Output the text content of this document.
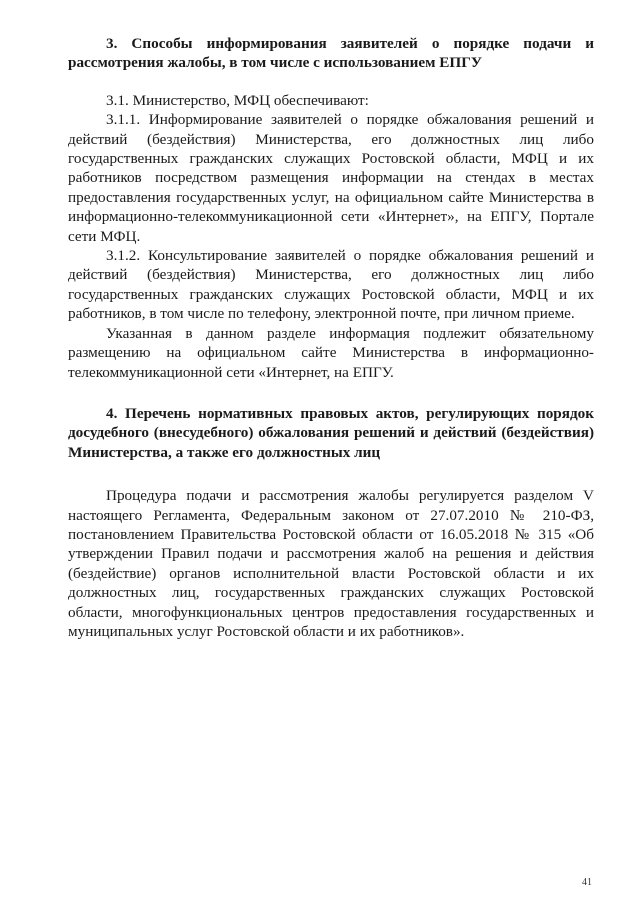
3. Способы информирования заявителей о порядке подачи и рассмотрения жалобы, в том числе с использованием ЕПГУ

3.1. Министерство, МФЦ обеспечивают:

3.1.1. Информирование заявителей о порядке обжалования решений и действий (бездействия) Министерства, его должностных лиц либо государственных гражданских служащих Ростовской области, МФЦ и их работников посредством размещения информации на стендах в местах предоставления государственных услуг, на официальном сайте Министерства в информационно-телекоммуникационной сети «Интернет», на ЕПГУ, Портале сети МФЦ.

3.1.2. Консультирование заявителей о порядке обжалования решений и действий (бездействия) Министерства, его должностных лиц либо государственных гражданских служащих Ростовской области, МФЦ и их работников, в том числе по телефону, электронной почте, при личном приеме.

Указанная в данном разделе информация подлежит обязательному размещению на официальном сайте Министерства в информационно-телекоммуникационной сети «Интернет, на ЕПГУ.

4. Перечень нормативных правовых актов, регулирующих порядок досудебного (внесудебного) обжалования решений и действий (бездействия) Министерства, а также его должностных лиц

Процедура подачи и рассмотрения жалобы регулируется разделом V настоящего Регламента, Федеральным законом от 27.07.2010 № 210-ФЗ, постановлением Правительства Ростовской области от 16.05.2018 № 315 «Об утверждении Правил подачи и рассмотрения жалоб на решения и действия (бездействие) органов исполнительной власти Ростовской области и их должностных лиц, государственных гражданских служащих Ростовской области, многофункциональных центров предоставления государственных и муниципальных услуг Ростовской области и их работников».

41
